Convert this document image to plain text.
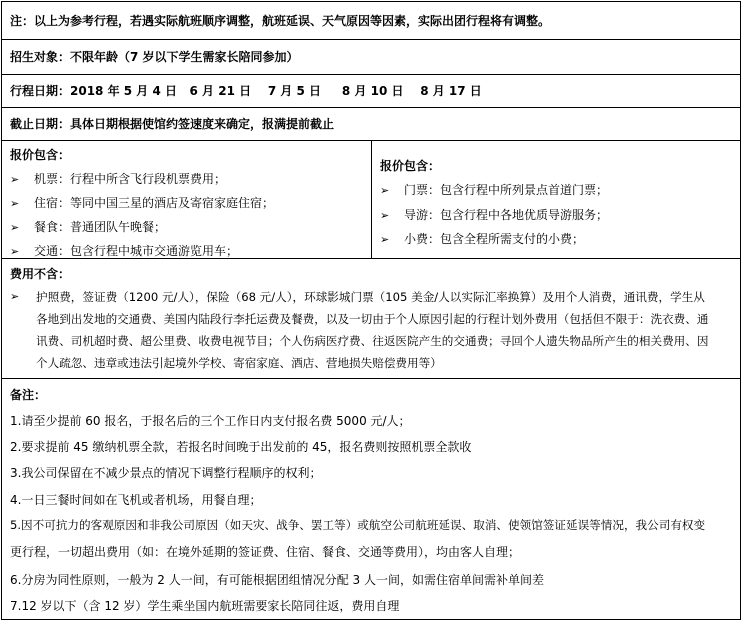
注：以上为参考行程，若遇实际航班顺序调整，航班延误、天气原因等因素，实际出团行程将有调整。
招生对象：不限年龄（7 岁以下学生需家长陪同参加）
行程日期：2018 年 5 月 4 日   6 月 21 日    7 月 5 日     8 月 10 日    8 月 17 日
截止日期：具体日期根据使馆约签速度来确定，报满提前截止
报价包含：
➢ 机票：行程中所含飞行段机票费用；
➢ 住宿：等同中国三星的酒店及寄宿家庭住宿；
➢ 餐食：普通团队午晚餐；
➢ 交通：包含行程中城市交通游览用车；
报价包含：
➢ 门票：包含行程中所列景点首道门票；
➢ 导游：包含行程中各地优质导游服务；
➢ 小费：包含全程所需支付的小费；
费用不含：
➢	护照费，签证费（1200 元/人），保险（68 元/人），环球影城门票（105 美金/人以实际汇率换算）及用个人消费，通讯费，学生从
各地到出发地的交通费、美国内陆段行李托运费及餐费，以及一切由于个人原因引起的行程计划外费用（包括但不限于：洗衣费、通
讯费、司机超时费、超公里费、收费电视节目；个人伤病医疗费、往返医院产生的交通费；寻回个人遗失物品所产生的相关费用、因
个人疏忽、违章或违法引起境外学校、寄宿家庭、酒店、营地损失赔偿费用等）
备注：
1.请至少提前 60 报名，于报名后的三个工作日内支付报名费 5000 元/人；
2.要求提前 45 缴纳机票全款，若报名时间晚于出发前的 45，报名费则按照机票全款收
3.我公司保留在不减少景点的情况下调整行程顺序的权利；
4.一日三餐时间如在飞机或者机场，用餐自理；
5.因不可抗力的客观原因和非我公司原因（如天灾、战争、罢工等）或航空公司航班延误、取消、使领馆签证延误等情况，我公司有权变
更行程，一切超出费用（如：在境外延期的签证费、住宿、餐食、交通等费用），均由客人自理；
6.分房为同性原则，一般为 2 人一间，有可能根据团组情况分配 3 人一间，如需住宿单间需补单间差
7.12 岁以下（含 12 岁）学生乘坐国内航班需要家长陪同往返，费用自理
